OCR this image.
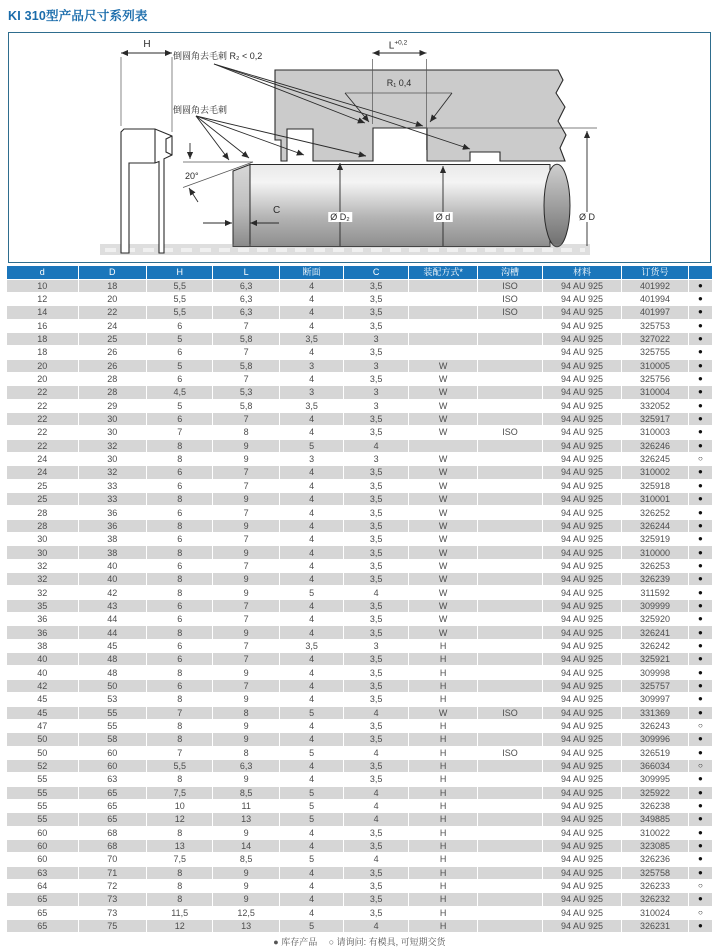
KI 310型产品尺寸系列表
H	$L^{+0,2}$
R₁ 0,4
倒圆角去毛刺 R₂ < 0,2
倒圆角去毛刺
20°
C
Ø D₂	Ø d	Ø D
d	D	H	L	断面	C	装配方式*	沟槽	材料	订货号	
10	18	5,5	6,3	4	3,5		ISO	94 AU 925	401992	●
12	20	5,5	6,3	4	3,5		ISO	94 AU 925	401994	●
14	22	5,5	6,3	4	3,5		ISO	94 AU 925	401997	●
16	24	6	7	4	3,5			94 AU 925	325753	●
18	25	5	5,8	3,5	3			94 AU 925	327022	●
18	26	6	7	4	3,5			94 AU 925	325755	●
20	26	5	5,8	3	3	W		94 AU 925	310005	●
20	28	6	7	4	3,5	W		94 AU 925	325756	●
22	28	4,5	5,3	3	3	W		94 AU 925	310004	●
22	29	5	5,8	3,5	3	W		94 AU 925	332052	●
22	30	6	7	4	3,5	W		94 AU 925	325917	●
22	30	7	8	4	3,5	W	ISO	94 AU 925	310003	●
22	32	8	9	5	4			94 AU 925	326246	●
24	30	8	9	3	3	W		94 AU 925	326245	○
24	32	6	7	4	3,5	W		94 AU 925	310002	●
25	33	6	7	4	3,5	W		94 AU 925	325918	●
25	33	8	9	4	3,5	W		94 AU 925	310001	●
28	36	6	7	4	3,5	W		94 AU 925	326252	●
28	36	8	9	4	3,5	W		94 AU 925	326244	●
30	38	6	7	4	3,5	W		94 AU 925	325919	●
30	38	8	9	4	3,5	W		94 AU 925	310000	●
32	40	6	7	4	3,5	W		94 AU 925	326253	●
32	40	8	9	4	3,5	W		94 AU 925	326239	●
32	42	8	9	5	4	W		94 AU 925	311592	●
35	43	6	7	4	3,5	W		94 AU 925	309999	●
36	44	6	7	4	3,5	W		94 AU 925	325920	●
36	44	8	9	4	3,5	W		94 AU 925	326241	●
38	45	6	7	3,5	3	H		94 AU 925	326242	●
40	48	6	7	4	3,5	H		94 AU 925	325921	●
40	48	8	9	4	3,5	H		94 AU 925	309998	●
42	50	6	7	4	3,5	H		94 AU 925	325757	●
45	53	8	9	4	3,5	H		94 AU 925	309997	●
45	55	7	8	5	4	W	ISO	94 AU 925	331369	●
47	55	8	9	4	3,5	H		94 AU 925	326243	○
50	58	8	9	4	3,5	H		94 AU 925	309996	●
50	60	7	8	5	4	H	ISO	94 AU 925	326519	●
52	60	5,5	6,3	4	3,5	H		94 AU 925	366034	○
55	63	8	9	4	3,5	H		94 AU 925	309995	●
55	65	7,5	8,5	5	4	H		94 AU 925	325922	●
55	65	10	11	5	4	H		94 AU 925	326238	●
55	65	12	13	5	4	H		94 AU 925	349885	●
60	68	8	9	4	3,5	H		94 AU 925	310022	●
60	68	13	14	4	3,5	H		94 AU 925	323085	●
60	70	7,5	8,5	5	4	H		94 AU 925	326236	●
63	71	8	9	4	3,5	H		94 AU 925	325758	●
64	72	8	9	4	3,5	H		94 AU 925	326233	○
65	73	8	9	4	3,5	H		94 AU 925	326232	●
65	73	11,5	12,5	4	3,5	H		94 AU 925	310024	○
65	75	12	13	5	4	H		94 AU 925	326231	●
● 库存产品　 ○ 请询问: 有模具, 可短期交货
